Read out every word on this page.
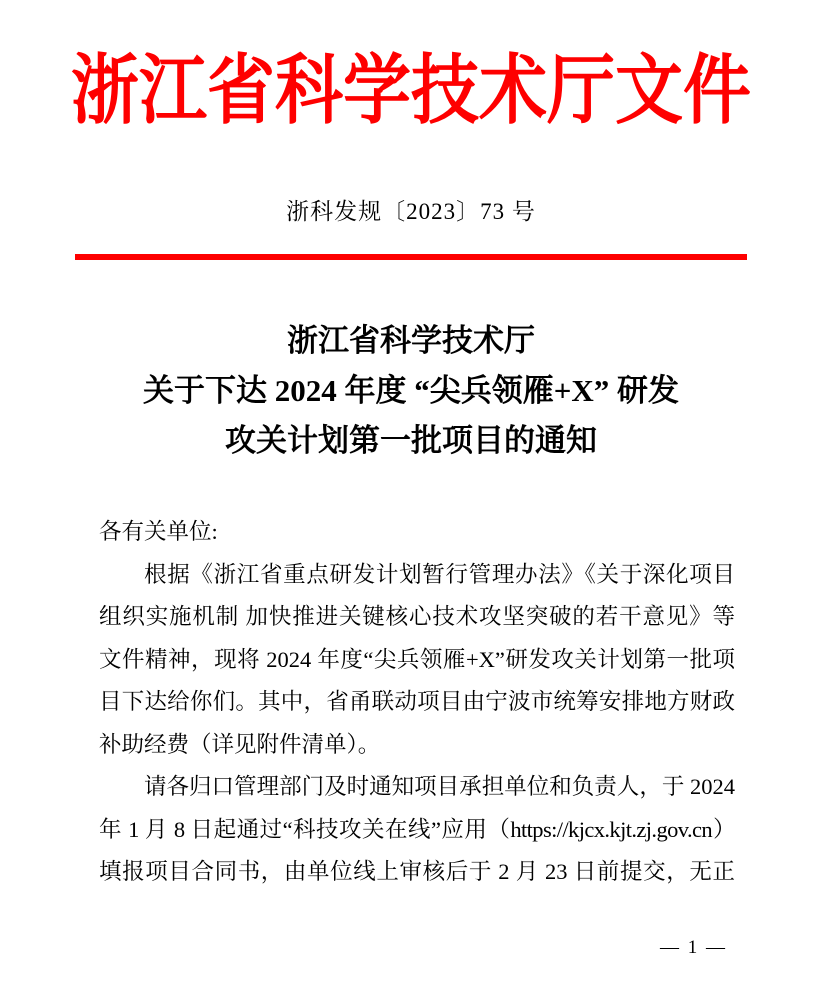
浙江省科学技术厅文件
浙科发规〔2023〕73 号
浙江省科学技术厅
关于下达 2024 年度 “尖兵领雁+X” 研发
攻关计划第一批项目的通知
各有关单位:
根据《浙江省重点研发计划暂行管理办法》《关于深化项目
组织实施机制 加快推进关键核心技术攻坚突破的若干意见》等
文件精神，现将 2024 年度“尖兵领雁+X”研发攻关计划第一批项
目下达给你们。其中，省甬联动项目由宁波市统筹安排地方财政
补助经费（详见附件清单）。
请各归口管理部门及时通知项目承担单位和负责人，于 2024
年 1 月 8 日起通过“科技攻关在线”应用（https://kjcx.kjt.zj.gov.cn）
填报项目合同书，由单位线上审核后于 2 月 23 日前提交，无正
— 1 —
